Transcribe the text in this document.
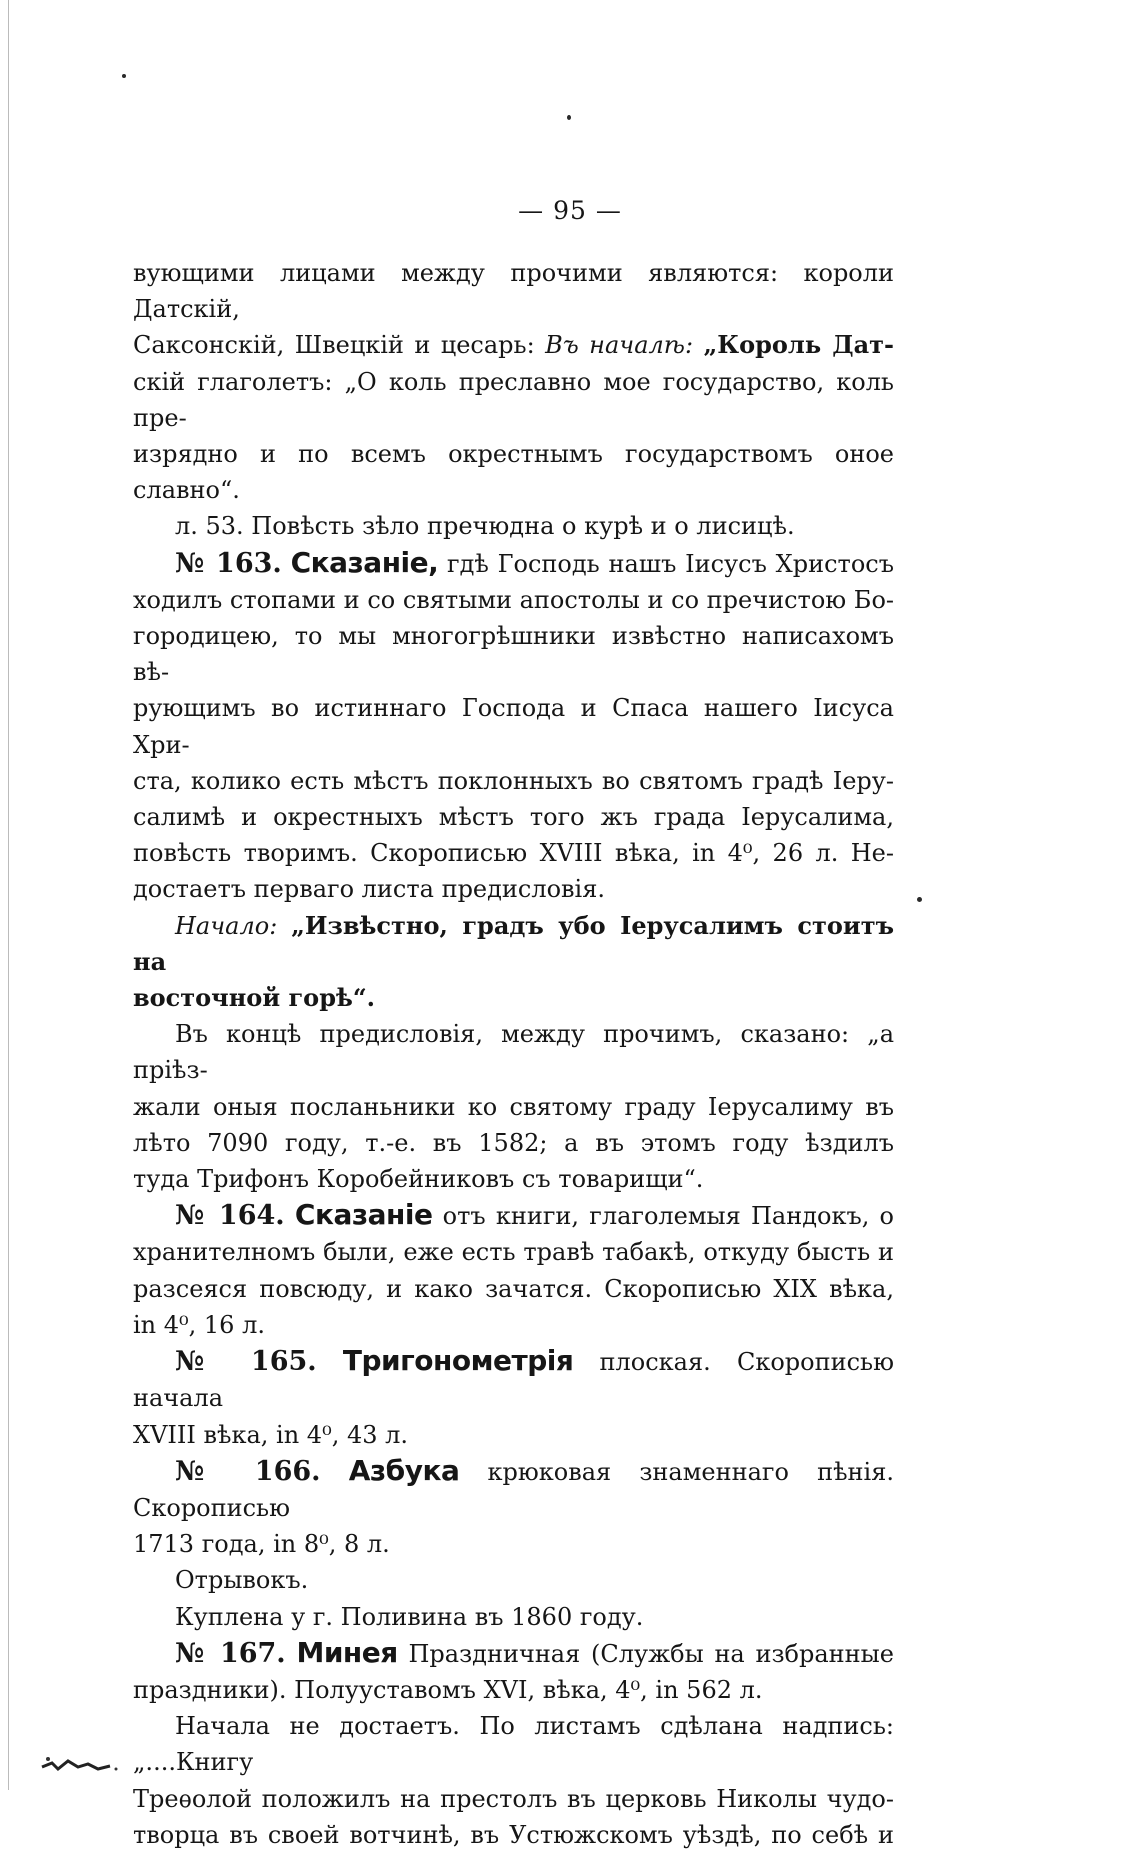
— 95 —

вующими лицами между прочими являются: короли Датскій,

Саксонскій, Швецкій и цесарь: Въ началѣ: „Король Дат-

скій глаголетъ: „О коль преславно мое государство, коль пре-

изрядно и по всемъ окрестнымъ государствомъ оное славно“.

л. 53. Повѣсть зѣло пречюдна о курѣ и о лисицѣ.

№ 163. Сказаніе, гдѣ Господь нашъ Іисусъ Христосъ

ходилъ стопами и со святыми апостолы и со пречистою Бо-

городицею, то мы многогрѣшники извѣстно написахомъ вѣ-

рующимъ во истиннаго Господа и Спаса нашего Іисуса Хри-

ста, колико есть мѣстъ поклонныхъ во святомъ градѣ Іеру-

салимѣ и окрестныхъ мѣстъ того жъ града Іерусалима,

повѣсть творимъ. Скорописью XVIII вѣка, in 4⁰, 26 л. Не-

достаетъ перваго листа предисловія.

Начало: „Извѣстно, градъ убо Іерусалимъ стоитъ на

восточной горѣ“.

Въ концѣ предисловія, между прочимъ, сказано: „а пріѣз-

жали оныя посланьники ко святому граду Іерусалиму въ

лѣто 7090 году, т.-е. въ 1582; а въ этомъ году ѣздилъ

туда Трифонъ Коробейниковъ съ товарищи“.

№ 164. Сказаніе отъ книги, глаголемыя Пандокъ, о

хранителномъ были, еже есть травѣ табакѣ, откуду бысть и

разсеяся повсюду, и како зачатся. Скорописью XIX вѣка,

in 4⁰, 16 л.

№ 165. Тригонометрія плоская. Скорописью начала

XVIII вѣка, in 4⁰, 43 л.

№ 166. Азбука крюковая знаменнаго пѣнія. Скорописью

1713 года, in 8⁰, 8 л.

Отрывокъ.

Куплена у г. Поливина въ 1860 году.

№ 167. Минея Праздничная (Службы на избранные

праздники). Полууставомъ XVI, вѣка, 4⁰, in 562 л.

Начала не достаетъ. По листамъ сдѣлана надпись: „....Книгу

Треѳолой положилъ на престолъ въ церковь Николы чудо-

творца въ своей вотчинѣ, въ Устюжскомъ уѣздѣ, по себѣ и
